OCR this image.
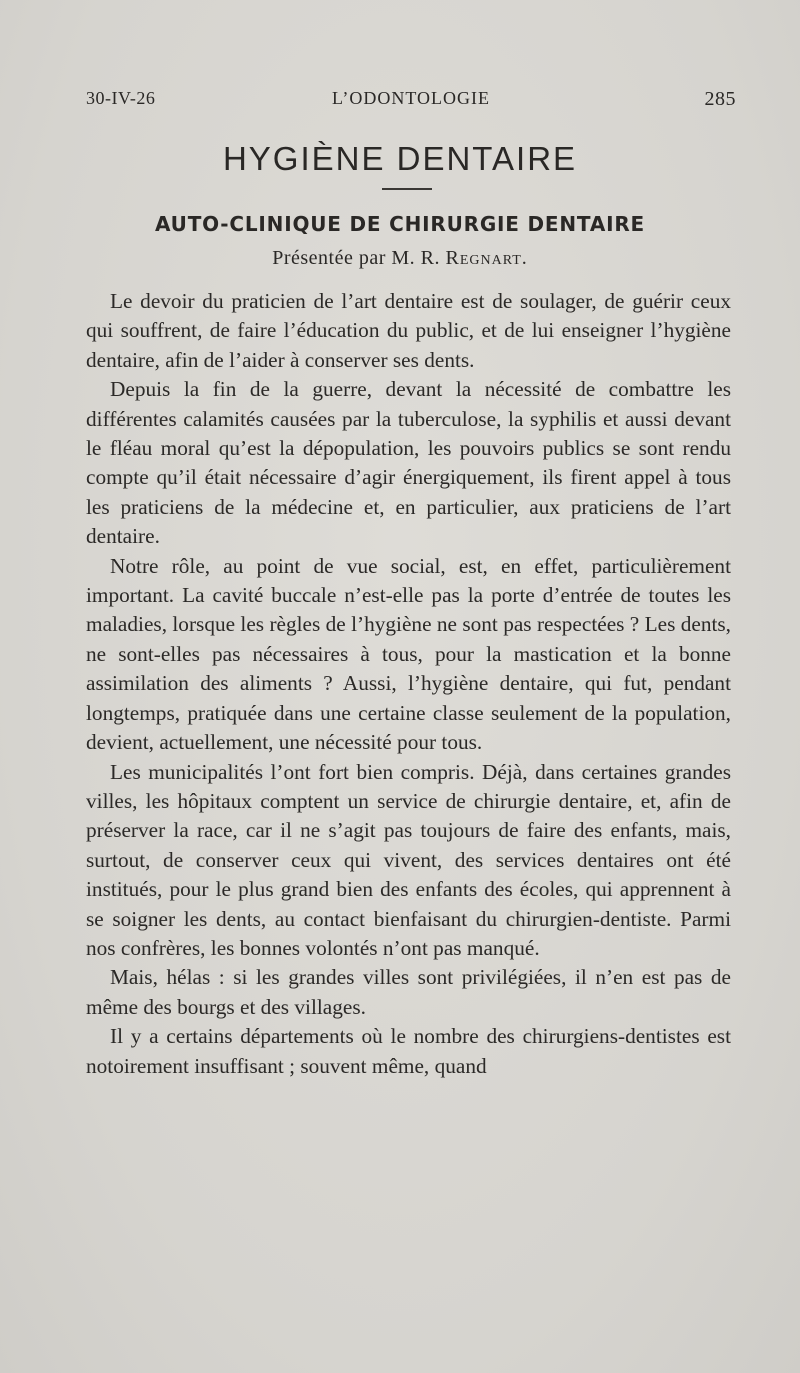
30-IV-26	L’ODONTOLOGIE	285
HYGIÈNE DENTAIRE
AUTO-CLINIQUE DE CHIRURGIE DENTAIRE
Présentée par M. R. Regnart.

Le devoir du praticien de l’art dentaire est de soulager, de guérir ceux qui souffrent, de faire l’éducation du public, et de lui enseigner l’hygiène dentaire, afin de l’aider à conserver ses dents.

Depuis la fin de la guerre, devant la nécessité de combattre les différentes calamités causées par la tuberculose, la syphilis et aussi devant le fléau moral qu’est la dépopulation, les pouvoirs publics se sont rendu compte qu’il était nécessaire d’agir énergiquement, ils firent appel à tous les praticiens de la médecine et, en particulier, aux praticiens de l’art dentaire.

Notre rôle, au point de vue social, est, en effet, particulièrement important. La cavité buccale n’est-elle pas la porte d’entrée de toutes les maladies, lorsque les règles de l’hygiène ne sont pas respectées ? Les dents, ne sont-elles pas nécessaires à tous, pour la mastication et la bonne assimilation des aliments ? Aussi, l’hygiène dentaire, qui fut, pendant longtemps, pratiquée dans une certaine classe seulement de la population, devient, actuellement, une nécessité pour tous.

Les municipalités l’ont fort bien compris. Déjà, dans certaines grandes villes, les hôpitaux comptent un service de chirurgie dentaire, et, afin de préserver la race, car il ne s’agit pas toujours de faire des enfants, mais, surtout, de conserver ceux qui vivent, des services dentaires ont été institués, pour le plus grand bien des enfants des écoles, qui apprennent à se soigner les dents, au contact bienfaisant du chirurgien-dentiste. Parmi nos confrères, les bonnes volontés n’ont pas manqué.

Mais, hélas : si les grandes villes sont privilégiées, il n’en est pas de même des bourgs et des villages.

Il y a certains départements où le nombre des chirurgiens-dentistes est notoirement insuffisant ; souvent même, quand
